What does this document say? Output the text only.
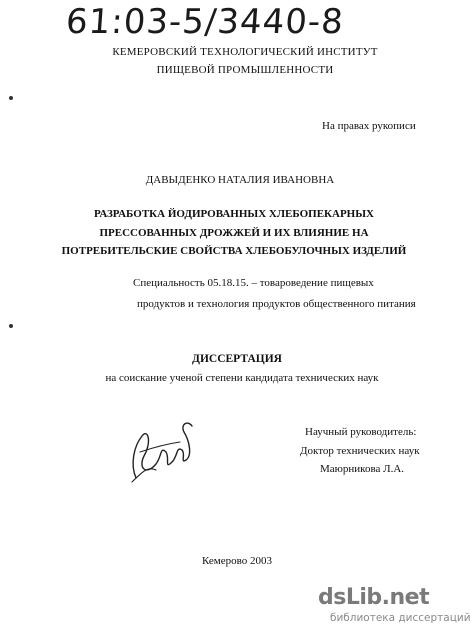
61:03-5/3440-8
КЕМЕРОВСКИЙ ТЕХНОЛОГИЧЕСКИЙ ИНСТИТУТ
ПИЩЕВОЙ ПРОМЫШЛЕННОСТИ
На правах рукописи
ДАВЫДЕНКО НАТАЛИЯ ИВАНОВНА
РАЗРАБОТКА ЙОДИРОВАННЫХ ХЛЕБОПЕКАРНЫХ
ПРЕССОВАННЫХ ДРОЖЖЕЙ И ИХ ВЛИЯНИЕ НА
ПОТРЕБИТЕЛЬСКИЕ СВОЙСТВА ХЛЕБОБУЛОЧНЫХ ИЗДЕЛИЙ
Специальность 05.18.15. – товароведение пищевых
продуктов и технология продуктов общественного питания
ДИССЕРТАЦИЯ
на соискание ученой степени кандидата технических наук
Научный руководитель:
Доктор технических наук
Маюрникова Л.А.
Кемерово 2003
dsLib.net
библиотека диссертаций
